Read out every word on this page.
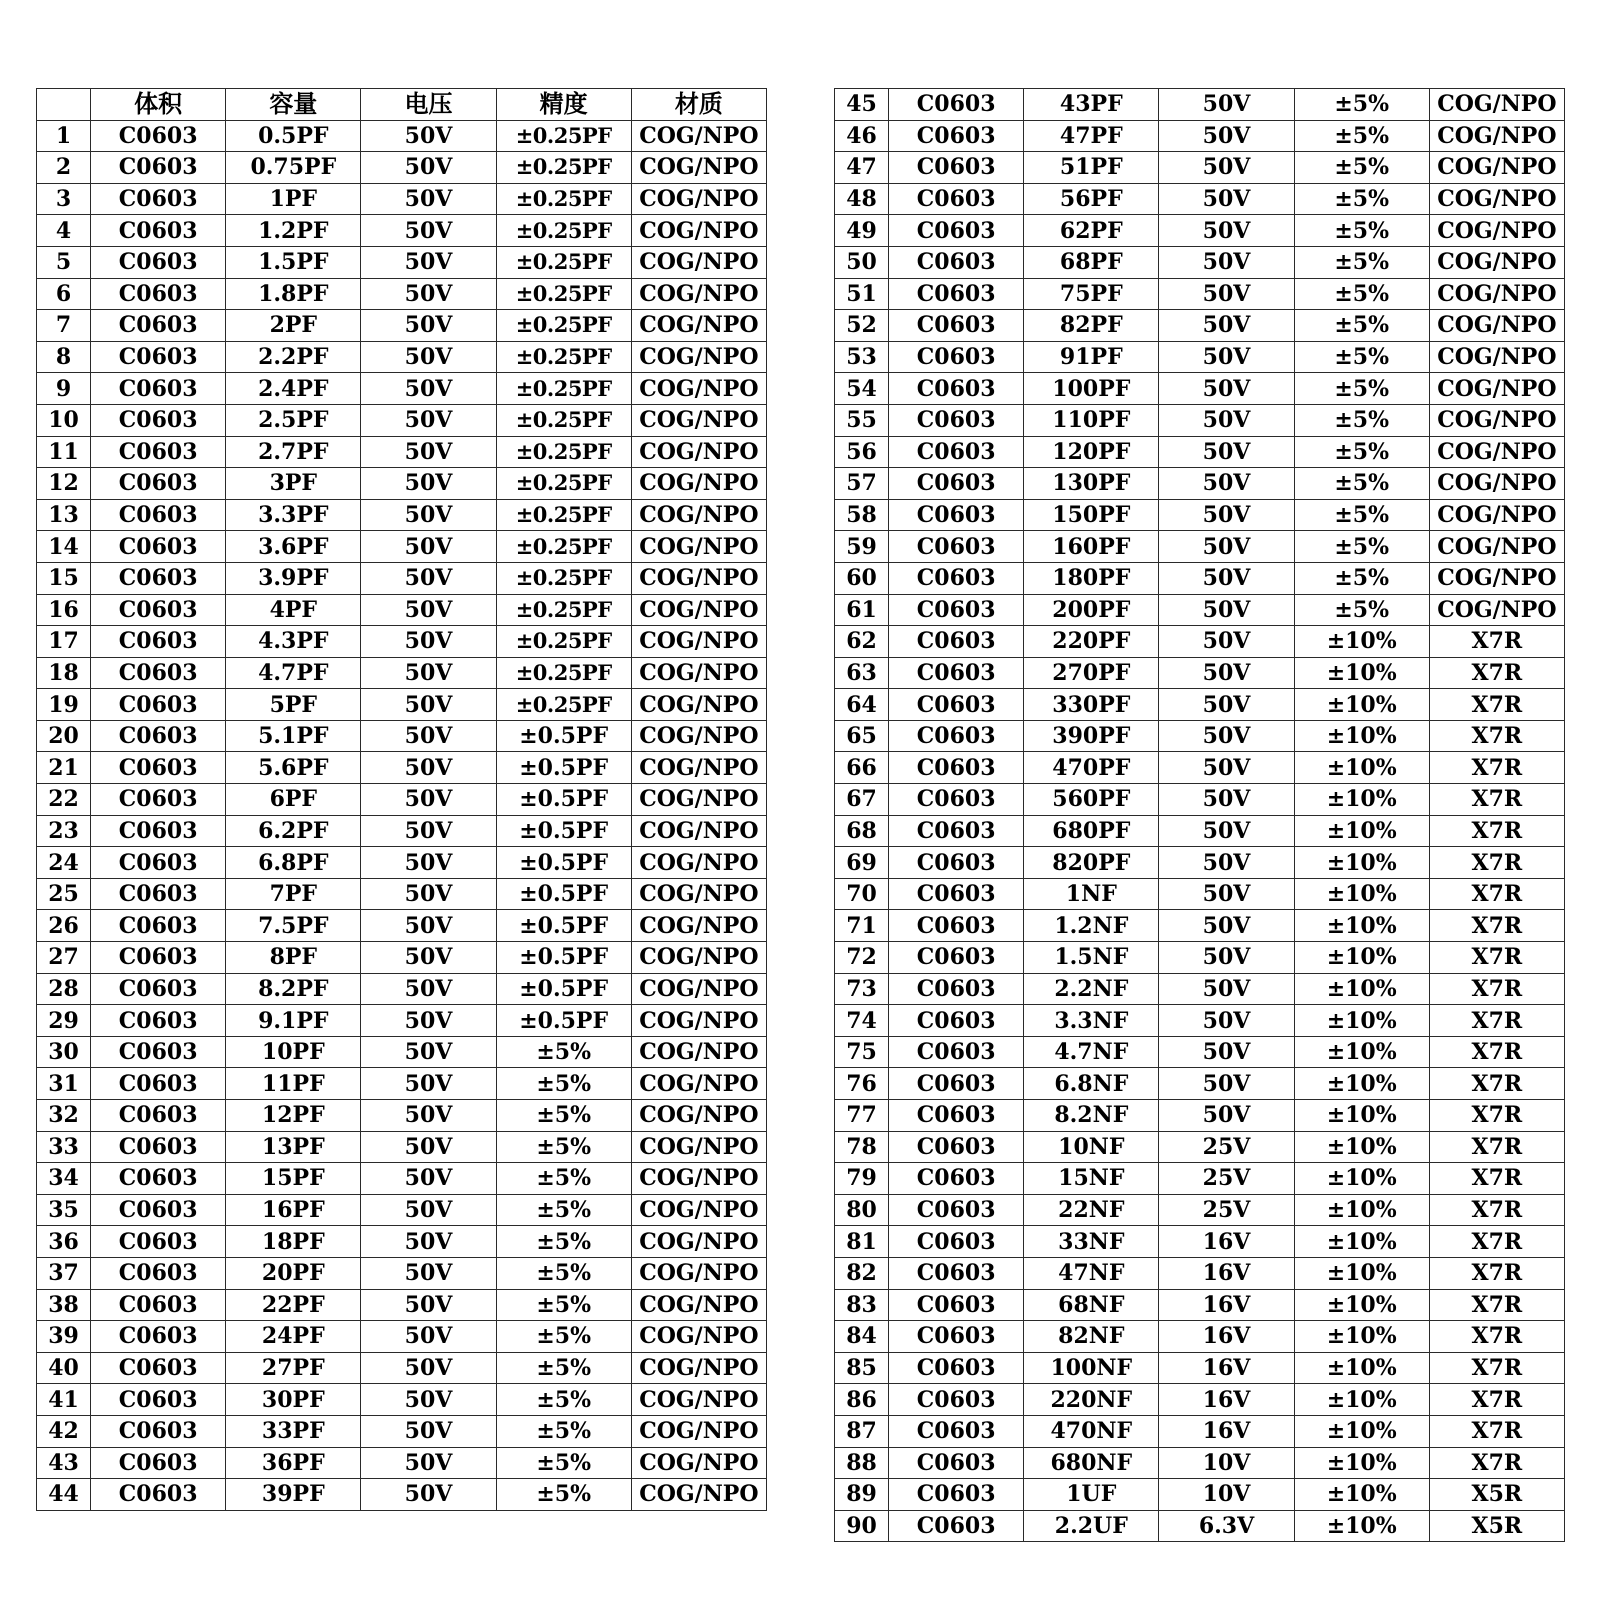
	体积	容量	电压	精度	材质
1	C0603	0.5PF	50V	±0.25PF	COG/NPO
2	C0603	0.75PF	50V	±0.25PF	COG/NPO
3	C0603	1PF	50V	±0.25PF	COG/NPO
4	C0603	1.2PF	50V	±0.25PF	COG/NPO
5	C0603	1.5PF	50V	±0.25PF	COG/NPO
6	C0603	1.8PF	50V	±0.25PF	COG/NPO
7	C0603	2PF	50V	±0.25PF	COG/NPO
8	C0603	2.2PF	50V	±0.25PF	COG/NPO
9	C0603	2.4PF	50V	±0.25PF	COG/NPO
10	C0603	2.5PF	50V	±0.25PF	COG/NPO
11	C0603	2.7PF	50V	±0.25PF	COG/NPO
12	C0603	3PF	50V	±0.25PF	COG/NPO
13	C0603	3.3PF	50V	±0.25PF	COG/NPO
14	C0603	3.6PF	50V	±0.25PF	COG/NPO
15	C0603	3.9PF	50V	±0.25PF	COG/NPO
16	C0603	4PF	50V	±0.25PF	COG/NPO
17	C0603	4.3PF	50V	±0.25PF	COG/NPO
18	C0603	4.7PF	50V	±0.25PF	COG/NPO
19	C0603	5PF	50V	±0.25PF	COG/NPO
20	C0603	5.1PF	50V	±0.5PF	COG/NPO
21	C0603	5.6PF	50V	±0.5PF	COG/NPO
22	C0603	6PF	50V	±0.5PF	COG/NPO
23	C0603	6.2PF	50V	±0.5PF	COG/NPO
24	C0603	6.8PF	50V	±0.5PF	COG/NPO
25	C0603	7PF	50V	±0.5PF	COG/NPO
26	C0603	7.5PF	50V	±0.5PF	COG/NPO
27	C0603	8PF	50V	±0.5PF	COG/NPO
28	C0603	8.2PF	50V	±0.5PF	COG/NPO
29	C0603	9.1PF	50V	±0.5PF	COG/NPO
30	C0603	10PF	50V	±5%	COG/NPO
31	C0603	11PF	50V	±5%	COG/NPO
32	C0603	12PF	50V	±5%	COG/NPO
33	C0603	13PF	50V	±5%	COG/NPO
34	C0603	15PF	50V	±5%	COG/NPO
35	C0603	16PF	50V	±5%	COG/NPO
36	C0603	18PF	50V	±5%	COG/NPO
37	C0603	20PF	50V	±5%	COG/NPO
38	C0603	22PF	50V	±5%	COG/NPO
39	C0603	24PF	50V	±5%	COG/NPO
40	C0603	27PF	50V	±5%	COG/NPO
41	C0603	30PF	50V	±5%	COG/NPO
42	C0603	33PF	50V	±5%	COG/NPO
43	C0603	36PF	50V	±5%	COG/NPO
44	C0603	39PF	50V	±5%	COG/NPO
45	C0603	43PF	50V	±5%	COG/NPO
46	C0603	47PF	50V	±5%	COG/NPO
47	C0603	51PF	50V	±5%	COG/NPO
48	C0603	56PF	50V	±5%	COG/NPO
49	C0603	62PF	50V	±5%	COG/NPO
50	C0603	68PF	50V	±5%	COG/NPO
51	C0603	75PF	50V	±5%	COG/NPO
52	C0603	82PF	50V	±5%	COG/NPO
53	C0603	91PF	50V	±5%	COG/NPO
54	C0603	100PF	50V	±5%	COG/NPO
55	C0603	110PF	50V	±5%	COG/NPO
56	C0603	120PF	50V	±5%	COG/NPO
57	C0603	130PF	50V	±5%	COG/NPO
58	C0603	150PF	50V	±5%	COG/NPO
59	C0603	160PF	50V	±5%	COG/NPO
60	C0603	180PF	50V	±5%	COG/NPO
61	C0603	200PF	50V	±5%	COG/NPO
62	C0603	220PF	50V	±10%	X7R
63	C0603	270PF	50V	±10%	X7R
64	C0603	330PF	50V	±10%	X7R
65	C0603	390PF	50V	±10%	X7R
66	C0603	470PF	50V	±10%	X7R
67	C0603	560PF	50V	±10%	X7R
68	C0603	680PF	50V	±10%	X7R
69	C0603	820PF	50V	±10%	X7R
70	C0603	1NF	50V	±10%	X7R
71	C0603	1.2NF	50V	±10%	X7R
72	C0603	1.5NF	50V	±10%	X7R
73	C0603	2.2NF	50V	±10%	X7R
74	C0603	3.3NF	50V	±10%	X7R
75	C0603	4.7NF	50V	±10%	X7R
76	C0603	6.8NF	50V	±10%	X7R
77	C0603	8.2NF	50V	±10%	X7R
78	C0603	10NF	25V	±10%	X7R
79	C0603	15NF	25V	±10%	X7R
80	C0603	22NF	25V	±10%	X7R
81	C0603	33NF	16V	±10%	X7R
82	C0603	47NF	16V	±10%	X7R
83	C0603	68NF	16V	±10%	X7R
84	C0603	82NF	16V	±10%	X7R
85	C0603	100NF	16V	±10%	X7R
86	C0603	220NF	16V	±10%	X7R
87	C0603	470NF	16V	±10%	X7R
88	C0603	680NF	10V	±10%	X7R
89	C0603	1UF	10V	±10%	X5R
90	C0603	2.2UF	6.3V	±10%	X5R
